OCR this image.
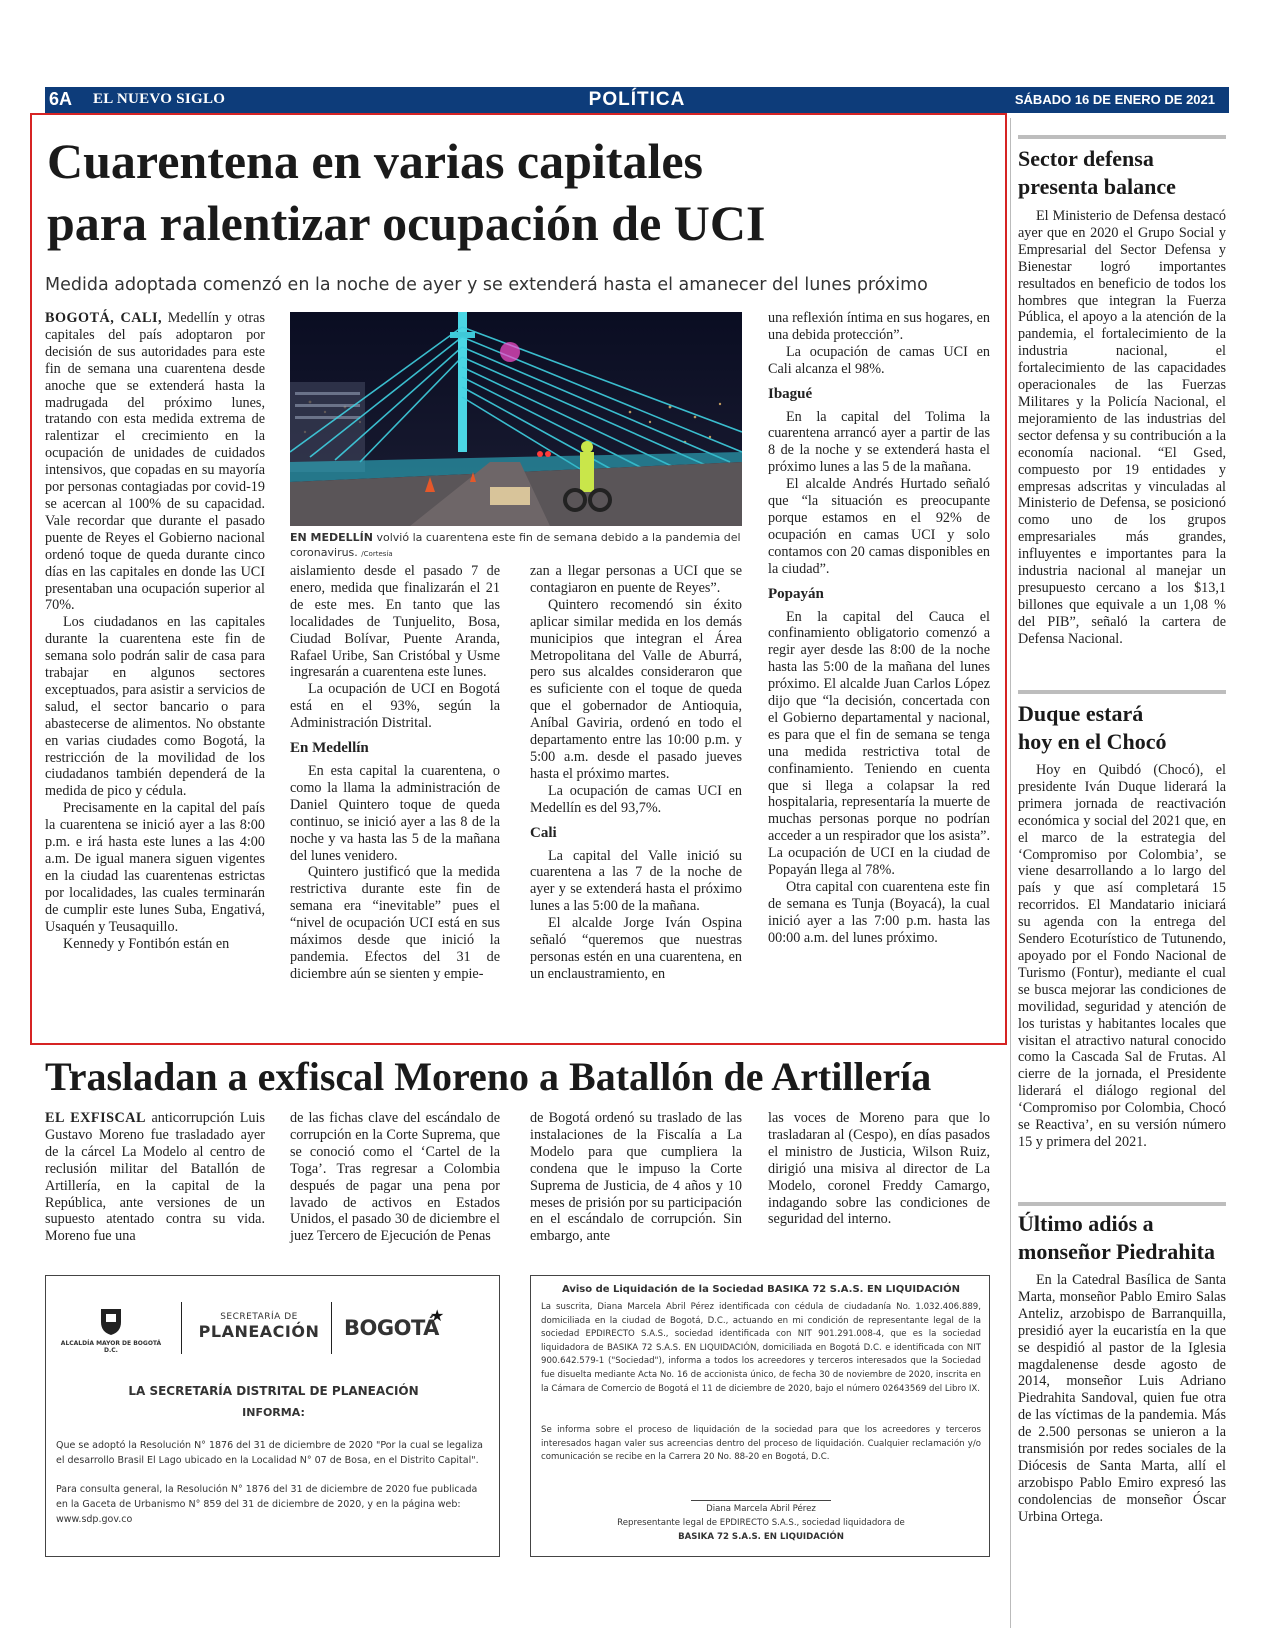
6A EL NUEVO SIGLO	POLÍTICA	SÁBADO 16 DE ENERO DE 2021
Cuarentena en varias capitales
para ralentizar ocupación de UCI
Medida adoptada comenzó en la noche de ayer y se extenderá hasta el amanecer del lunes próximo

BOGOTÁ, CALI, Medellín y otras capitales del país adoptaron por decisión de sus autoridades para este fin de semana una cuarentena desde anoche que se extenderá hasta la madrugada del próximo lunes, tratando con esta medida extrema de ralentizar el crecimiento en la ocupación de unidades de cuidados intensivos, que copadas en su mayoría por personas contagiadas por covid-19 se acercan al 100% de su capacidad. Vale recordar que durante el pasado puente de Reyes el Gobierno nacional ordenó toque de queda durante cinco días en las capitales en donde las UCI presentaban una ocupación superior al 70%.

Los ciudadanos en las capitales durante la cuarentena este fin de semana solo podrán salir de casa para trabajar en algunos sectores exceptuados, para asistir a servicios de salud, el sector bancario o para abastecerse de alimentos. No obstante en varias ciudades como Bogotá, la restricción de la movilidad de los ciudadanos también dependerá de la medida de pico y cédula.

Precisamente en la capital del país la cuarentena se inició ayer a las 8:00 p.m. e irá hasta este lunes a las 4:00 a.m. De igual manera siguen vigentes en la ciudad las cuarentenas estrictas por localidades, las cuales terminarán de cumplir este lunes Suba, Engativá, Usaquén y Teusaquillo.

Kennedy y Fontibón están en

EN MEDELLÍN volvió la cuarentena este fin de semana debido a la pandemia del coronavirus. /Cortesía

aislamiento desde el pasado 7 de enero, medida que finalizarán el 21 de este mes. En tanto que las localidades de Tunjuelito, Bosa, Ciudad Bolívar, Puente Aranda, Rafael Uribe, San Cristóbal y Usme ingresarán a cuarentena este lunes.

La ocupación de UCI en Bogotá está en el 93%, según la Administración Distrital.

En Medellín

En esta capital la cuarentena, o como la llama la administración de Daniel Quintero toque de queda continuo, se inició ayer a las 8 de la noche y va hasta las 5 de la mañana del lunes venidero.

Quintero justificó que la medida restrictiva durante este fin de semana era “inevitable” pues el “nivel de ocupación UCI está en sus máximos desde que inició la pandemia. Efectos del 31 de diciembre aún se sienten y empie-

zan a llegar personas a UCI que se contagiaron en puente de Reyes”.

Quintero recomendó sin éxito aplicar similar medida en los demás municipios que integran el Área Metropolitana del Valle de Aburrá, pero sus alcaldes consideraron que es suficiente con el toque de queda que el gobernador de Antioquia, Aníbal Gaviria, ordenó en todo el departamento entre las 10:00 p.m. y 5:00 a.m. desde el pasado jueves hasta el próximo martes.

La ocupación de camas UCI en Medellín es del 93,7%.

Cali

La capital del Valle inició su cuarentena a las 7 de la noche de ayer y se extenderá hasta el próximo lunes a las 5:00 de la mañana.

El alcalde Jorge Iván Ospina señaló “queremos que nuestras personas estén en una cuarentena, en un enclaustramiento, en

una reflexión íntima en sus hogares, en una debida protección”.

La ocupación de camas UCI en Cali alcanza el 98%.

Ibagué

En la capital del Tolima la cuarentena arrancó ayer a partir de las 8 de la noche y se extenderá hasta el próximo lunes a las 5 de la mañana.

El alcalde Andrés Hurtado señaló que “la situación es preocupante porque estamos en el 92% de ocupación en camas UCI y solo contamos con 20 camas disponibles en la ciudad”.

Popayán

En la capital del Cauca el confinamiento obligatorio comenzó a regir ayer desde las 8:00 de la noche hasta las 5:00 de la mañana del lunes próximo. El alcalde Juan Carlos López dijo que “la decisión, concertada con el Gobierno departamental y nacional, es para que el fin de semana se tenga una medida restrictiva total de confinamiento. Teniendo en cuenta que si llega a colapsar la red hospitalaria, representaría la muerte de muchas personas porque no podrían acceder a un respirador que los asista”. La ocupación de UCI en la ciudad de Popayán llega al 78%.

Otra capital con cuarentena este fin de semana es Tunja (Boyacá), la cual inició ayer a las 7:00 p.m. hasta las 00:00 a.m. del lunes próximo.

Trasladan a exfiscal Moreno a Batallón de Artillería

EL EXFISCAL anticorrupción Luis Gustavo Moreno fue trasladado ayer de la cárcel La Modelo al centro de reclusión militar del Batallón de Artillería, en la capital de la República, ante versiones de un supuesto atentado contra su vida. Moreno fue una

de las fichas clave del escándalo de corrupción en la Corte Suprema, que se conoció como el ‘Cartel de la Toga’. Tras regresar a Colombia después de pagar una pena por lavado de activos en Estados Unidos, el pasado 30 de diciembre el juez Tercero de Ejecución de Penas

de Bogotá ordenó su traslado de las instalaciones de la Fiscalía a La Modelo para que cumpliera la condena que le impuso la Corte Suprema de Justicia, de 4 años y 10 meses de prisión por su participación en el escándalo de corrupción. Sin embargo, ante

las voces de Moreno para que lo trasladaran al (Cespo), en días pasados el ministro de Justicia, Wilson Ruiz, dirigió una misiva al director de La Modelo, coronel Freddy Camargo, indagando sobre las condiciones de seguridad del interno.

ALCALDÍA MAYOR DE BOGOTÁ D.C.
SECRETARÍA DE
PLANEACIÓN BOGOTÁ
★
LA SECRETARÍA DISTRITAL DE PLANEACIÓN
INFORMA:
Que se adoptó la Resolución N° 1876 del 31 de diciembre de 2020 "Por la cual se legaliza el desarrollo Brasil El Lago ubicado en la Localidad N° 07 de Bosa, en el Distrito Capital".
Para consulta general, la Resolución N° 1876 del 31 de diciembre de 2020 fue publicada en la Gaceta de Urbanismo N° 859 del 31 de diciembre de 2020, y en la página web: www.sdp.gov.co
Aviso de Liquidación de la Sociedad BASIKA 72 S.A.S. EN LIQUIDACIÓN
La suscrita, Diana Marcela Abril Pérez identificada con cédula de ciudadanía No. 1.032.406.889, domiciliada en la ciudad de Bogotá, D.C., actuando en mi condición de representante legal de la sociedad EPDIRECTO S.A.S., sociedad identificada con NIT 901.291.008-4, que es la sociedad liquidadora de BASIKA 72 S.A.S. EN LIQUIDACIÓN, domiciliada en Bogotá D.C. e identificada con NIT 900.642.579-1 ("Sociedad"), informa a todos los acreedores y terceros interesados que la Sociedad fue disuelta mediante Acta No. 16 de accionista único, de fecha 30 de noviembre de 2020, inscrita en la Cámara de Comercio de Bogotá el 11 de diciembre de 2020, bajo el número 02643569 del Libro IX.
Se informa sobre el proceso de liquidación de la sociedad para que los acreedores y terceros interesados hagan valer sus acreencias dentro del proceso de liquidación. Cualquier reclamación y/o comunicación se recibe en la Carrera 20 No. 88-20 en Bogotá, D.C.
Diana Marcela Abril Pérez
Representante legal de EPDIRECTO S.A.S., sociedad liquidadora de
BASIKA 72 S.A.S. EN LIQUIDACIÓN
Sector defensa
presenta balance

El Ministerio de Defensa destacó ayer que en 2020 el Grupo Social y Empresarial del Sector Defensa y Bienestar logró importantes resultados en beneficio de todos los hombres que integran la Fuerza Pública, el apoyo a la atención de la pandemia, el fortalecimiento de la industria nacional, el fortalecimiento de las capacidades operacionales de las Fuerzas Militares y la Policía Nacional, el mejoramiento de las industrias del sector defensa y su contribución a la economía nacional. “El Gsed, compuesto por 19 entidades y empresas adscritas y vinculadas al Ministerio de Defensa, se posicionó como uno de los grupos empresariales más grandes, influyentes e importantes para la industria nacional al manejar un presupuesto cercano a los $13,1 billones que equivale a un 1,08 % del PIB”, señaló la cartera de Defensa Nacional.

Duque estará
hoy en el Chocó

Hoy en Quibdó (Chocó), el presidente Iván Duque liderará la primera jornada de reactivación económica y social del 2021 que, en el marco de la estrategia del ‘Compromiso por Colombia’, se viene desarrollando a lo largo del país y que así completará 15 recorridos. El Mandatario iniciará su agenda con la entrega del Sendero Ecoturístico de Tutunendo, apoyado por el Fondo Nacional de Turismo (Fontur), mediante el cual se busca mejorar las condiciones de movilidad, seguridad y atención de los turistas y habitantes locales que visitan el atractivo natural conocido como la Cascada Sal de Frutas. Al cierre de la jornada, el Presidente liderará el diálogo regional del ‘Compromiso por Colombia, Chocó se Reactiva’, en su versión número 15 y primera del 2021.

Último adiós a
monseñor Piedrahita

En la Catedral Basílica de Santa Marta, monseñor Pablo Emiro Salas Anteliz, arzobispo de Barranquilla, presidió ayer la eucaristía en la que se despidió al pastor de la Iglesia magdalenense desde agosto de 2014, monseñor Luis Adriano Piedrahita Sandoval, quien fue otra de las víctimas de la pandemia. Más de 2.500 personas se unieron a la transmisión por redes sociales de la Diócesis de Santa Marta, allí el arzobispo Pablo Emiro expresó las condolencias de monseñor Óscar Urbina Ortega.
